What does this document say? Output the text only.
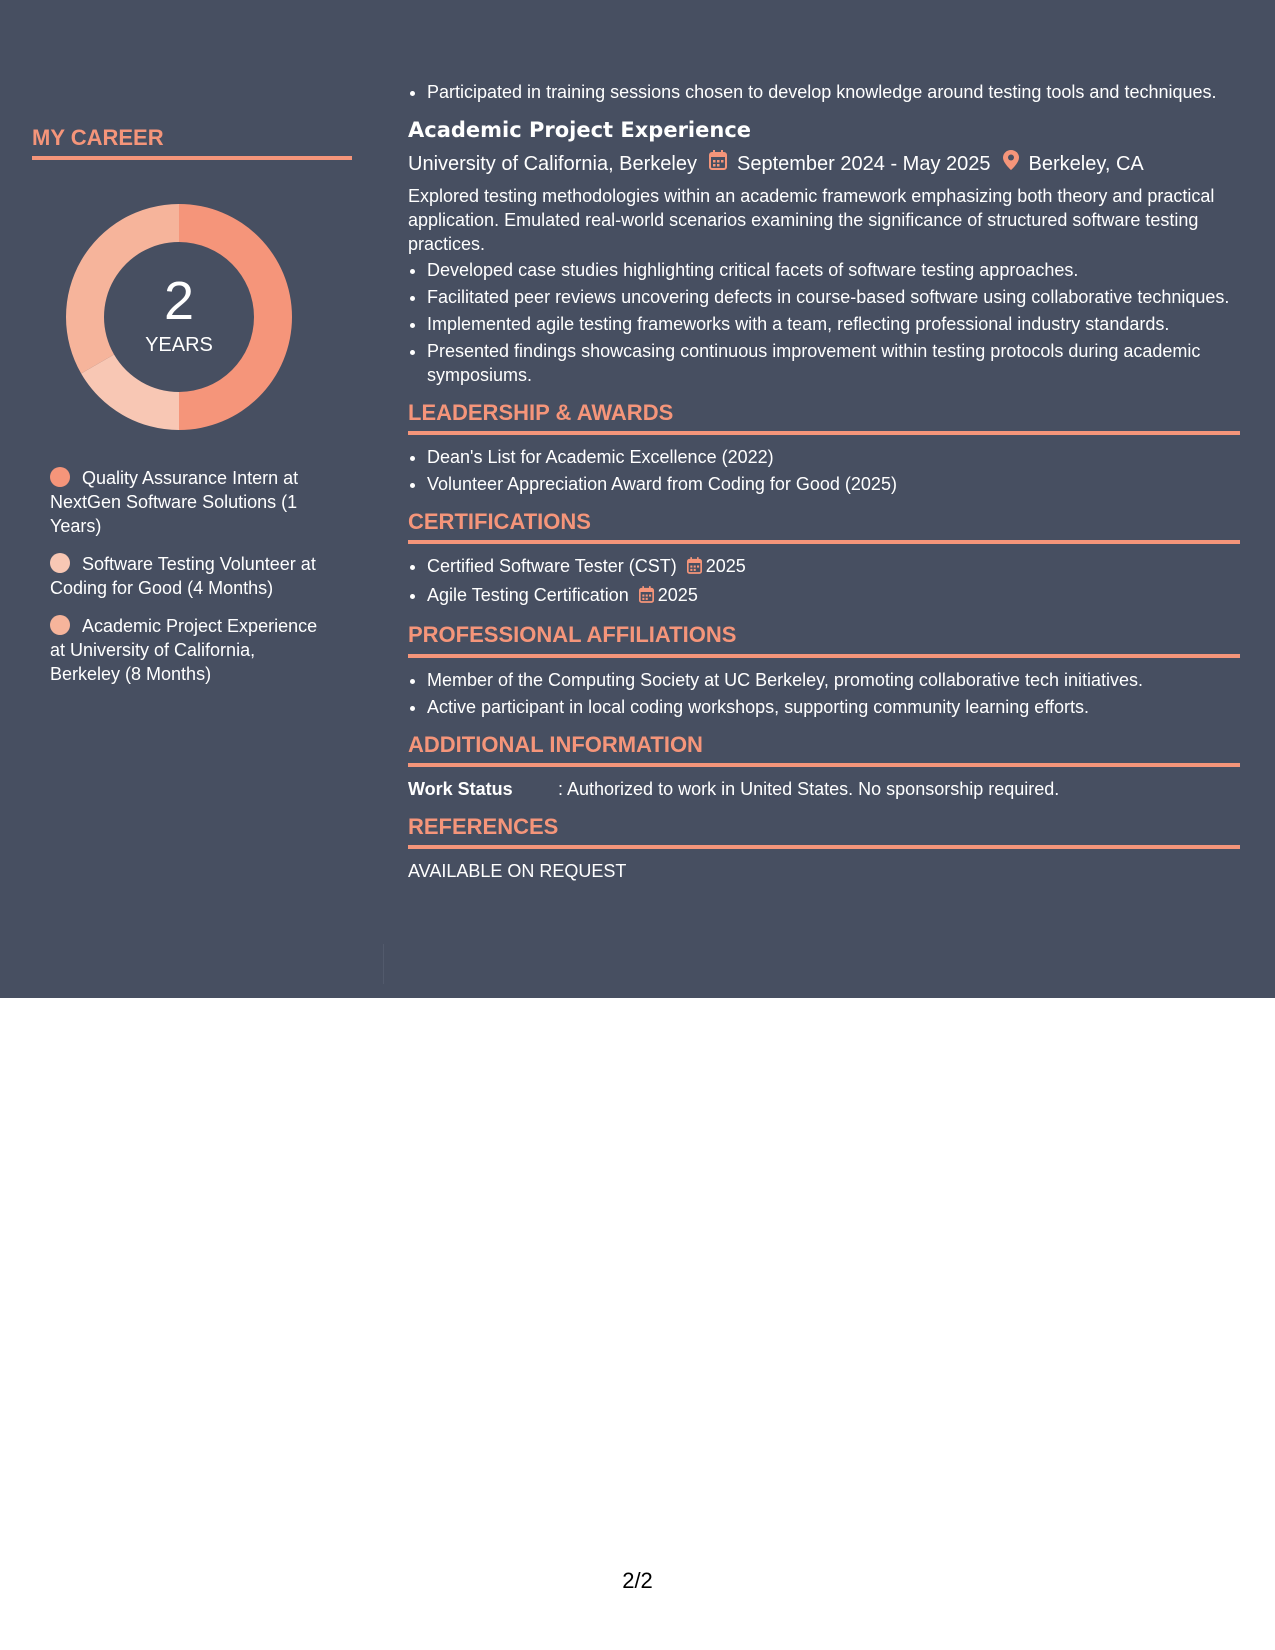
MY CAREER
2
YEARS
Quality Assurance Intern at NextGen Software Solutions (1 Years)
Software Testing Volunteer at Coding for Good (4 Months)
Academic Project Experience at University of California, Berkeley (8 Months)
• Participated in training sessions chosen to develop knowledge around testing tools and techniques.
Academic Project Experience
University of California, Berkeley September 2024 - May 2025 Berkeley, CA

Explored testing methodologies within an academic framework emphasizing both theory and practical application. Emulated real-world scenarios examining the significance of structured software testing practices.

• Developed case studies highlighting critical facets of software testing approaches.
• Facilitated peer reviews uncovering defects in course-based software using collaborative techniques.
• Implemented agile testing frameworks with a team, reflecting professional industry standards.
• Presented findings showcasing continuous improvement within testing protocols during academic symposiums.
LEADERSHIP & AWARDS
• Dean's List for Academic Excellence (2022)
• Volunteer Appreciation Award from Coding for Good (2025)
CERTIFICATIONS
• Certified Software Tester (CST) 2025
• Agile Testing Certification 2025
PROFESSIONAL AFFILIATIONS
• Member of the Computing Society at UC Berkeley, promoting collaborative tech initiatives.
• Active participant in local coding workshops, supporting community learning efforts.
ADDITIONAL INFORMATION
Work Status	: Authorized to work in United States. No sponsorship required.
REFERENCES
AVAILABLE ON REQUEST
2/2
